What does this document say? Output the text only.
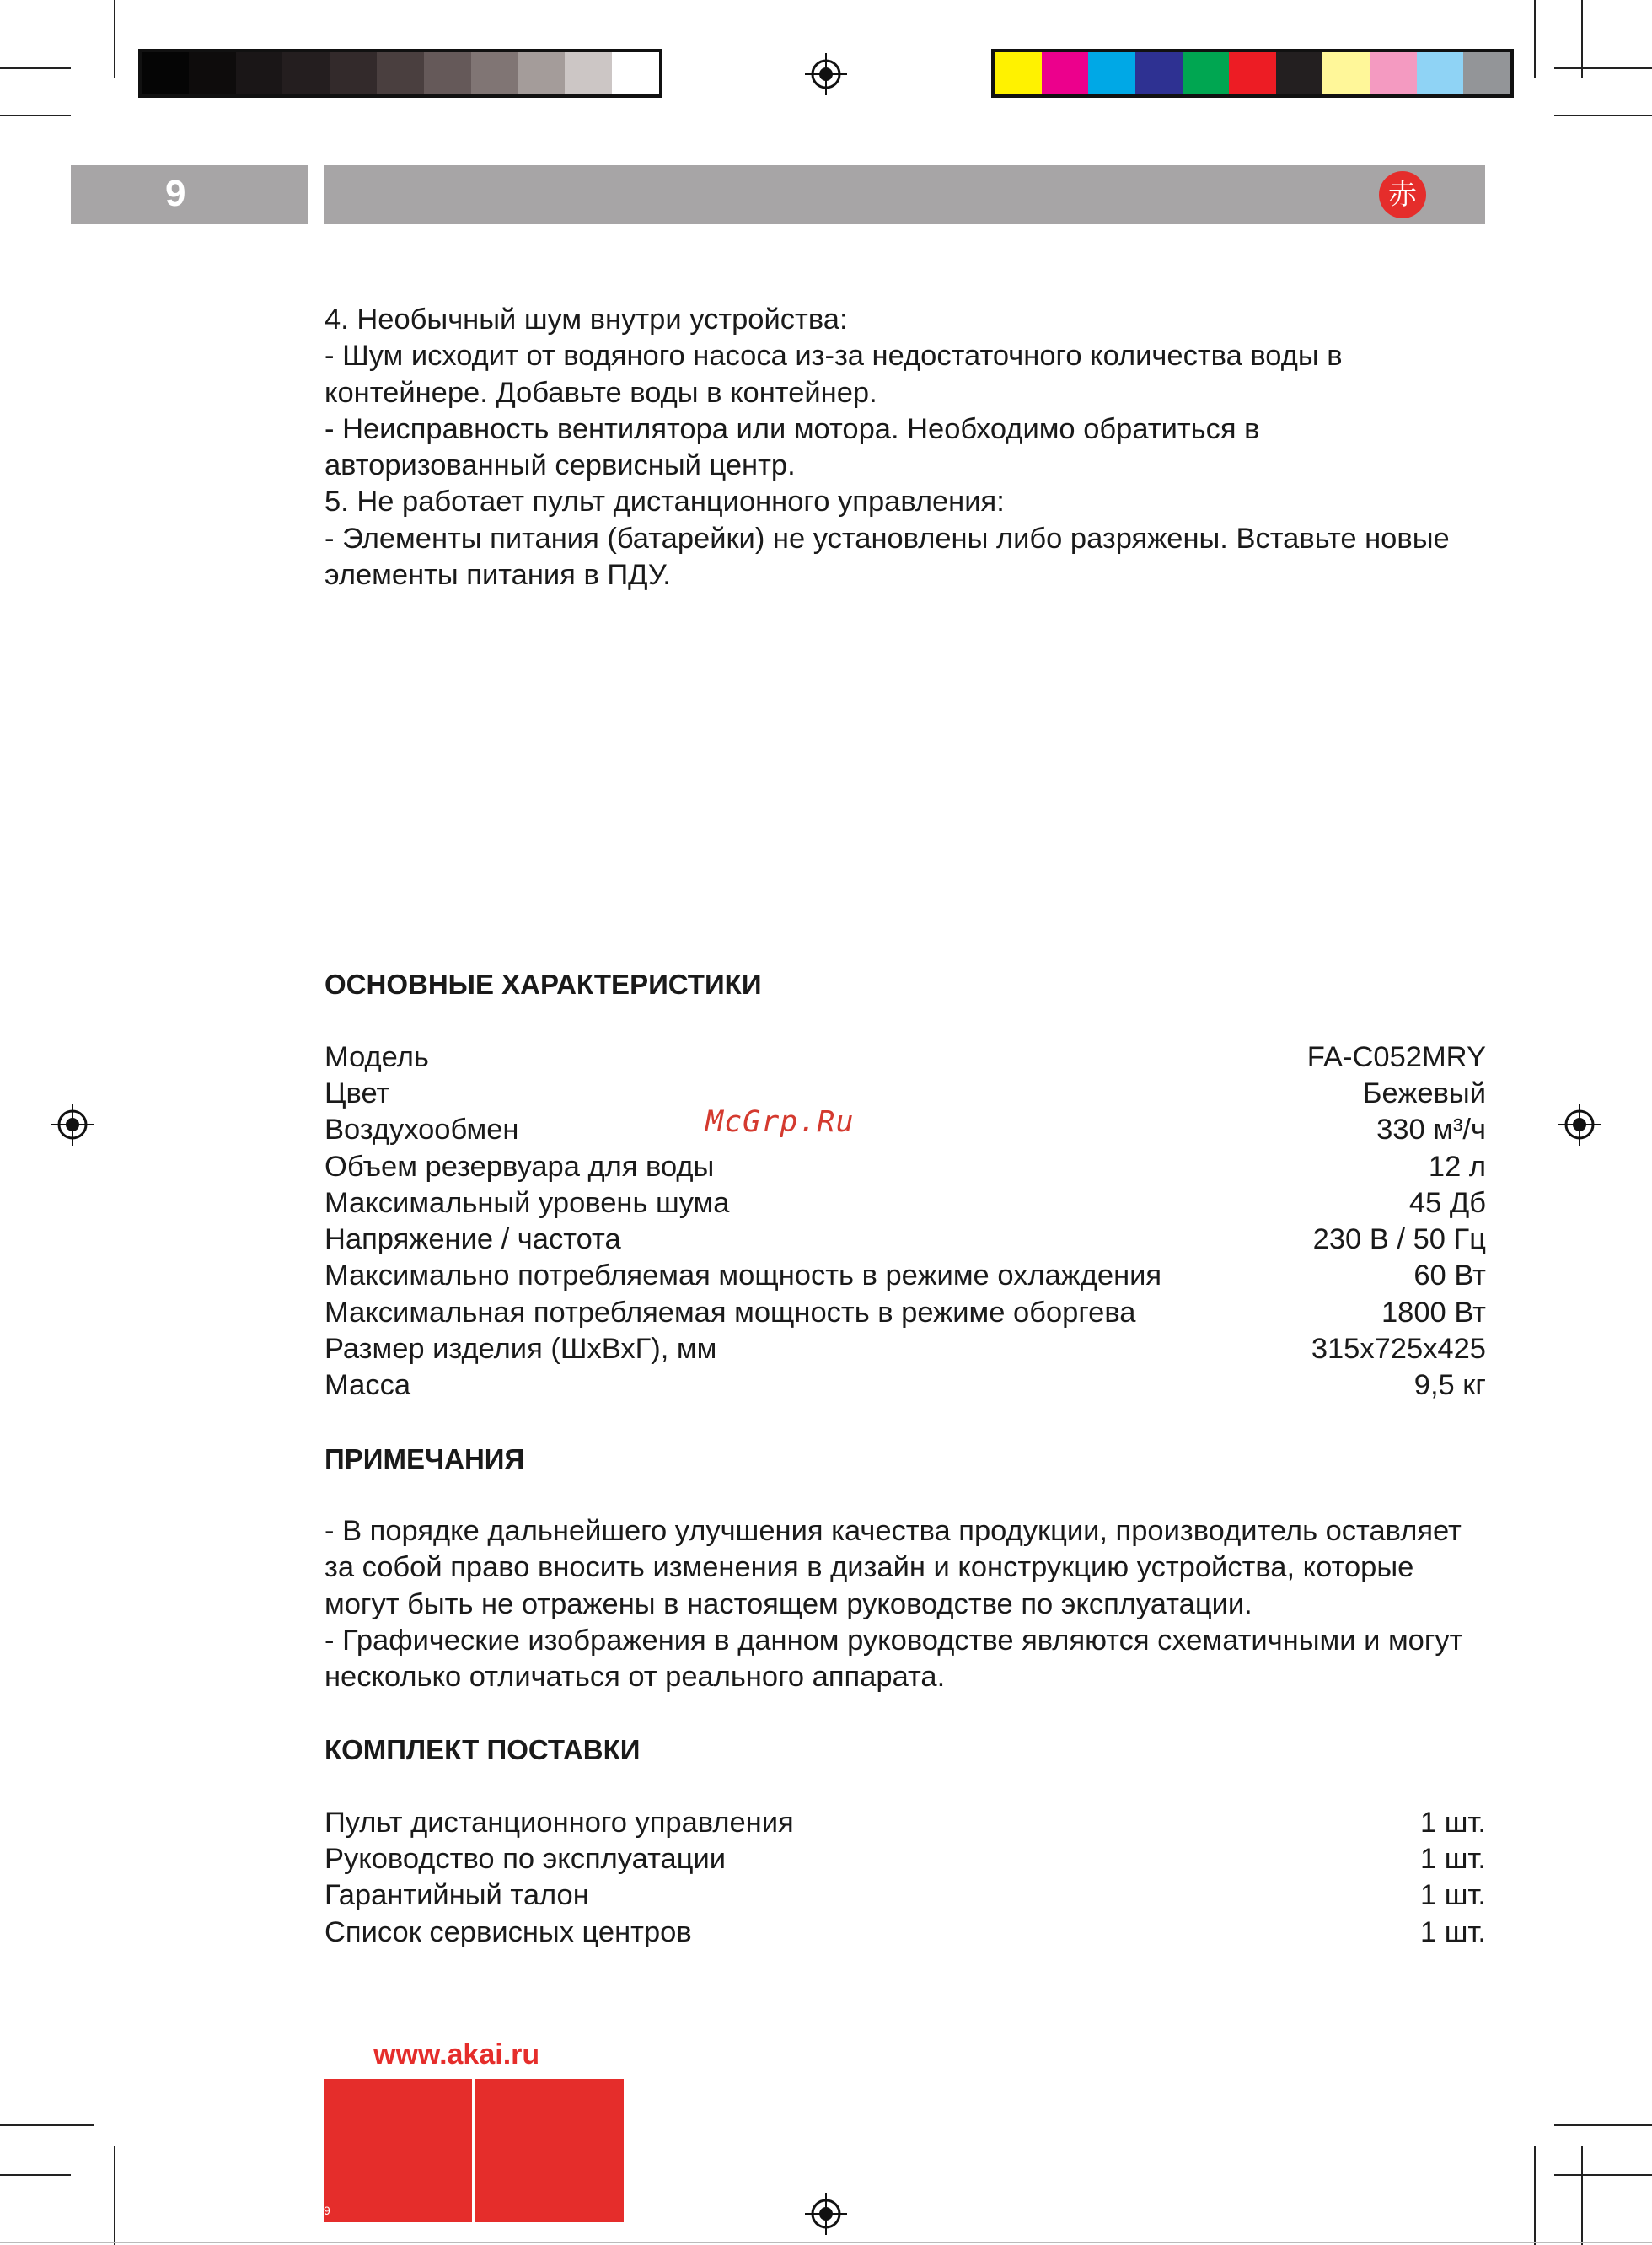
9	赤

4. Необычный шум внутри устройства:

- Шум исходит от водяного насоса из-за недостаточного количества воды в контейнере. Добавьте воды в контейнер.

- Неисправность вентилятора или мотора. Необходимо обратиться в авторизованный сервисный центр.

5. Не работает пульт дистанционного управления:

- Элементы питания (батарейки) не установлены либо разряжены. Вставьте новые элементы питания в ПДУ.

ОСНОВНЫЕ ХАРАКТЕРИСТИКИ
Модель	FA-C052MRY
Цвет	Бежевый
Воздухообмен	330 м³/ч
Объем резервуара для воды	12 л
Максимальный уровень шума	45 Дб
Напряжение / частота	230 В / 50 Гц
Максимально потребляемая мощность в режиме охлаждения	60 Вт
Максимальная потребляемая мощность в режиме оборгева	1800 Вт
Размер изделия (ШхВхГ), мм	315x725x425
Масса	9,5 кг
ПРИМЕЧАНИЯ

- В порядке дальнейшего улучшения качества продукции, производитель оставляет за собой право вносить изменения в дизайн и конструкцию устройства, которые могут быть не отражены в настоящем руководстве по эксплуатации.

- Графические изображения в данном руководстве являются схематичными и могут несколько отличаться от реального аппарата.

КОМПЛЕКТ ПОСТАВКИ
Пульт дистанционного управления	1 шт.
Руководство по эксплуатации	1 шт.
Гарантийный талон	1 шт.
Список сервисных центров	1 шт.
McGrp.Ru
www.akai.ru
9
